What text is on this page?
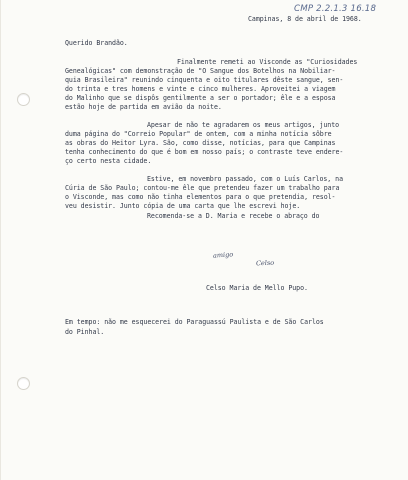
CMP 2.2.1.3 16.18
Campinas, 8 de abril de 1968.
Querido Brandão.
Finalmente remeti ao Visconde as "Curiosidades
Genealógicas" com demonstração de "O Sangue dos Botelhos na Nobiliar-
quia Brasileira" reunindo cinquenta e oito titulares dêste sangue, sen-
do trinta e tres homens e vinte e cinco mulheres. Aproveitei a viagem
do Malinho que se dispôs gentilmente a ser o portador; êle e a esposa
estão hoje de partida em avião da noite.
Apesar de não te agradarem os meus artigos, junto
duma página do "Correio Popular" de ontem, com a minha notícia sôbre
as obras do Heitor Lyra. São, como disse, notícias, para que Campinas
tenha conhecimento do que é bom em nosso país; o contraste teve endere-
ço certo nesta cidade.
Estive, em novembro passado, com o Luís Carlos, na
Cúria de São Paulo; contou-me êle que pretendeu fazer um trabalho para
o Visconde, mas como não tinha elementos para o que pretendia, resol-
veu desistir. Junto cópia de uma carta que lhe escrevi hoje.
Recomenda-se a D. Maria e recebe o abraço do
amigo
Celso
Celso Maria de Mello Pupo.
Em tempo: não me esquecerei do Paraguassú Paulista e de São Carlos
do Pinhal.
